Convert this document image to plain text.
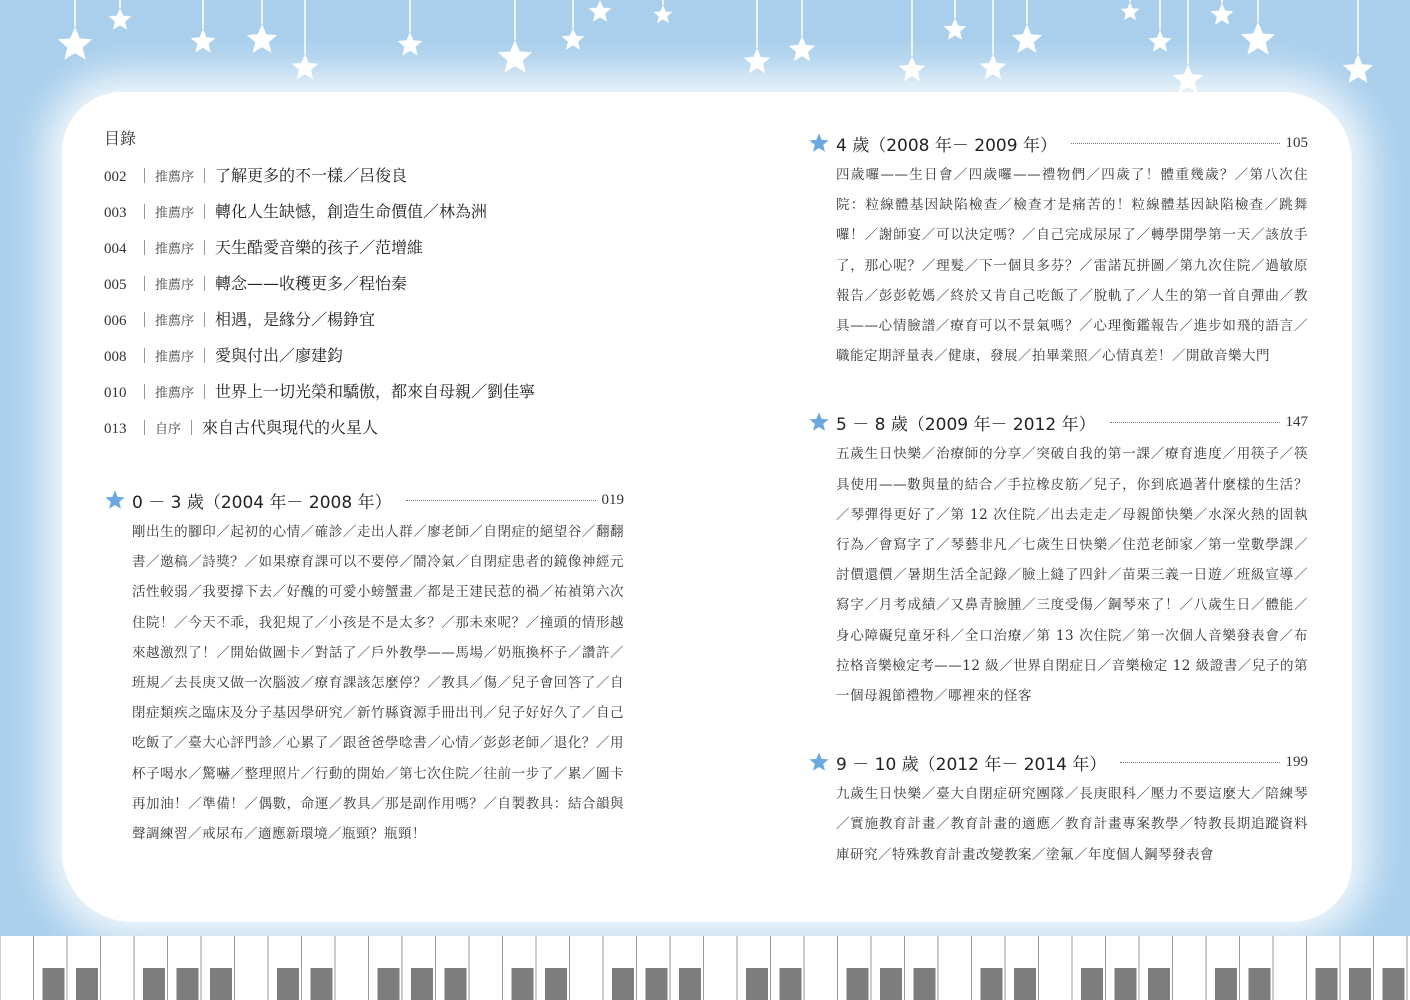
目錄
002 ｜ 推薦序 ｜ 了解更多的不一樣／呂俊良
003 ｜ 推薦序 ｜ 轉化人生缺憾，創造生命價值／林為洲
004 ｜ 推薦序 ｜ 天生酷愛音樂的孩子／范增維
005 ｜ 推薦序 ｜ 轉念——收穫更多／程怡秦
006 ｜ 推薦序 ｜ 相遇，是緣分／楊錚宜
008 ｜ 推薦序 ｜ 愛與付出／廖建鈞
010 ｜ 推薦序 ｜ 世界上一切光榮和驕傲，都來自母親／劉佳寧
013 ｜ 自序 ｜ 來自古代與現代的火星人
0 － 3 歲（2004 年－ 2008 年）	019
剛出生的腳印／起初的心情／確診／走出人群／廖老師／自閉症的絕望谷／翻翻書／邀稿／詩獎？／如果療育課可以不要停／鬧冷氣／自閉症患者的鏡像神經元活性較弱／我要撐下去／好醜的可愛小螃蟹畫／都是王建民惹的禍／祐禎第六次住院！／今天不乖，我犯規了／小孩是不是太多？／那未來呢？／撞頭的情形越來越激烈了！／開始做圖卡／對話了／戶外教學——馬場／奶瓶換杯子／讚許／班規／去長庚又做一次腦波／療育課該怎麼停？／教具／傷／兒子會回答了／自閉症類疾之臨床及分子基因學研究／新竹縣資源手冊出刊／兒子好好久了／自己吃飯了／臺大心評門診／心累了／跟爸爸學唸書／心情／彭彭老師／退化？／用杯子喝水／驚嚇／整理照片／行動的開始／第七次住院／往前一步了／累／圖卡再加油！／準備！／偶數，命運／教具／那是副作用嗎？／自製教具：結合韻與聲調練習／戒尿布／適應新環境／瓶頸？瓶頸！
4 歲（2008 年－ 2009 年）	105
四歲囉——生日會／四歲囉——禮物們／四歲了！體重幾歲？／第八次住院：粒線體基因缺陷檢查／檢查才是痛苦的！粒線體基因缺陷檢查／跳舞囉！／謝師宴／可以決定嗎？／自己完成尿尿了／轉學開學第一天／該放手了，那心呢？／理髮／下一個貝多芬？／雷諾瓦拼圖／第九次住院／過敏原報告／彭彭乾媽／終於又肯自己吃飯了／脫軌了／人生的第一首自彈曲／教具——心情臉譜／療育可以不景氣嗎？／心理衡鑑報告／進步如飛的語言／職能定期評量表／健康，發展／拍畢業照／心情真差！／開啟音樂大門
5 － 8 歲（2009 年－ 2012 年）	147
五歲生日快樂／治療師的分享／突破自我的第一課／療育進度／用筷子／筷具使用——數與量的結合／手拉橡皮筋／兒子，你到底過著什麼樣的生活？／琴彈得更好了／第 12 次住院／出去走走／母親節快樂／水深火熱的固執行為／會寫字了／琴藝非凡／七歲生日快樂／住范老師家／第一堂數學課／討價還價／暑期生活全記錄／臉上縫了四針／苗栗三義一日遊／班級宣導／寫字／月考成績／又鼻青臉腫／三度受傷／鋼琴來了！／八歲生日／體能／身心障礙兒童牙科／全口治療／第 13 次住院／第一次個人音樂發表會／布拉格音樂檢定考——12 級／世界自閉症日／音樂檢定 12 級證書／兒子的第一個母親節禮物／哪裡來的怪客
9 － 10 歲（2012 年－ 2014 年）	199
九歲生日快樂／臺大自閉症研究團隊／長庚眼科／壓力不要這麼大／陪練琴／實施教育計畫／教育計畫的適應／教育計畫專案教學／特教長期追蹤資料庫研究／特殊教育計畫改變教案／塗氟／年度個人鋼琴發表會
